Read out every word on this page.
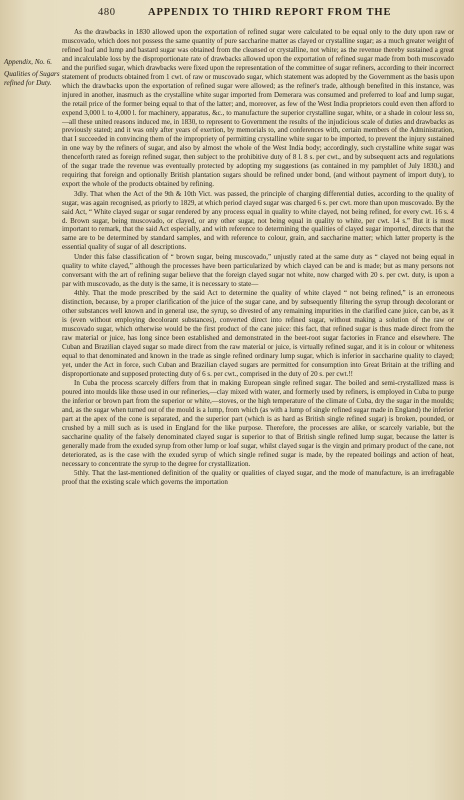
480	APPENDIX TO THIRD REPORT FROM THE
Appendix, No. 6.
Qualities of Sugars refined for Duty.

As the drawbacks in 1830 allowed upon the exportation of refined sugar were calculated to be equal only to the duty upon raw or muscovado, which does not possess the same quantity of pure saccharine matter as clayed or crystalline sugar; as a much greater weight of refined loaf and lump and bastard sugar was obtained from the cleansed or crystalline, not white; as the revenue thereby sustained a great and incalculable loss by the disproportionate rate of drawbacks allowed upon the exportation of refined sugar made from both muscovado and the purified sugar, which drawbacks were fixed upon the representation of the committee of sugar refiners, according to their incorrect statement of products obtained from 1 cwt. of raw or muscovado sugar, which statement was adopted by the Government as the basis upon which the drawbacks upon the exportation of refined sugar were allowed; as the refiner's trade, although benefited in this instance, was injured in another, inasmuch as the crystalline white sugar imported from Demerara was consumed and preferred to loaf and lump sugar, the retail price of the former being equal to that of the latter; and, moreover, as few of the West India proprietors could even then afford to expend 3,000 l. to 4,000 l. for machinery, apparatus, &c., to manufacture the superior crystalline sugar, white, or a shade in colour less so,—all these united reasons induced me, in 1830, to represent to Government the results of the injudicious scale of duties and drawbacks as previously stated; and it was only after years of exertion, by memorials to, and conferences with, certain members of the Administration, that I succeeded in convincing them of the impropriety of permitting crystalline white sugar to be imported, to prevent the injury sustained in one way by the refiners of sugar, and also by almost the whole of the West India body; accordingly, such crystalline white sugar was thenceforth rated as foreign refined sugar, then subject to the prohibitive duty of 8 l. 8 s. per cwt., and by subsequent acts and regulations of the sugar trade the revenue was eventually protected by adopting my suggestions (as contained in my pamphlet of July 1830,) and requiring that foreign and optionally British plantation sugars should be refined under bond, (and without payment of import duty), to export the whole of the products obtained by refining.

3dly. That when the Act of the 9th & 10th Vict. was passed, the principle of charging differential duties, according to the quality of sugar, was again recognised, as priorly to 1829, at which period clayed sugar was charged 6 s. per cwt. more than upon muscovado. By the said Act, “ White clayed sugar or sugar rendered by any process equal in quality to white clayed, not being refined, for every cwt. 16 s. 4 d. Brown sugar, being muscovado, or clayed, or any other sugar, not being equal in quality to white, per cwt. 14 s.” But it is most important to remark, that the said Act especially, and with reference to determining the qualities of clayed sugar imported, directs that the same are to be determined by standard samples, and with reference to colour, grain, and saccharine matter; which latter property is the essential quality of sugar of all descriptions.

Under this false classification of “ brown sugar, being muscovado,” unjustly rated at the same duty as “ clayed not being equal in quality to white clayed,” although the processes have been particularized by which clayed can be and is made; but as many persons not conversant with the art of refining sugar believe that the foreign clayed sugar not white, now charged with 20 s. per cwt. duty, is upon a par with muscovado, as the duty is the same, it is necessary to state—

4thly. That the mode prescribed by the said Act to determine the quality of white clayed “ not being refined,” is an erroneous distinction, because, by a proper clarification of the juice of the sugar cane, and by subsequently filtering the syrup through decolorant or other substances well known and in general use, the syrup, so divested of any remaining impurities in the clarified cane juice, can be, as it is (even without employing decolorant substances), converted direct into refined sugar, without making a solution of the raw or muscovado sugar, which otherwise would be the first product of the cane juice: this fact, that refined sugar is thus made direct from the raw material or juice, has long since been established and demonstrated in the beet-root sugar factories in France and elsewhere. The Cuban and Brazilian clayed sugar so made direct from the raw material or juice, is virtually refined sugar, and it is in colour or whiteness equal to that denominated and known in the trade as single refined ordinary lump sugar, which is inferior in saccharine quality to clayed; yet, under the Act in force, such Cuban and Brazilian clayed sugars are permitted for consumption into Great Britain at the trifling and disproportionate and supposed protecting duty of 6 s. per cwt., comprised in the duty of 20 s. per cwt.!!

In Cuba the process scarcely differs from that in making European single refined sugar. The boiled and semi-crystallized mass is poured into moulds like those used in our refineries,—clay mixed with water, and formerly used by refiners, is employed in Cuba to purge the inferior or brown part from the superior or white,—stoves, or the high temperature of the climate of Cuba, dry the sugar in the moulds; and, as the sugar when turned out of the mould is a lump, from which (as with a lump of single refined sugar made in England) the inferior part at the apex of the cone is separated, and the superior part (which is as hard as British single refined sugar) is broken, pounded, or crushed by a mill such as is used in England for the like purpose. Therefore, the processes are alike, or scarcely variable, but the saccharine quality of the falsely denominated clayed sugar is superior to that of British single refined lump sugar, because the latter is generally made from the exuded syrup from other lump or loaf sugar, whilst clayed sugar is the virgin and primary product of the cane, not deteriorated, as is the case with the exuded syrup of which single refined sugar is made, by the repeated boilings and action of heat, necessary to concentrate the syrup to the degree for crystallization.

5thly. That the last-mentioned definition of the quality or qualities of clayed sugar, and the mode of manufacture, is an irrefragable proof that the existing scale which governs the importation
